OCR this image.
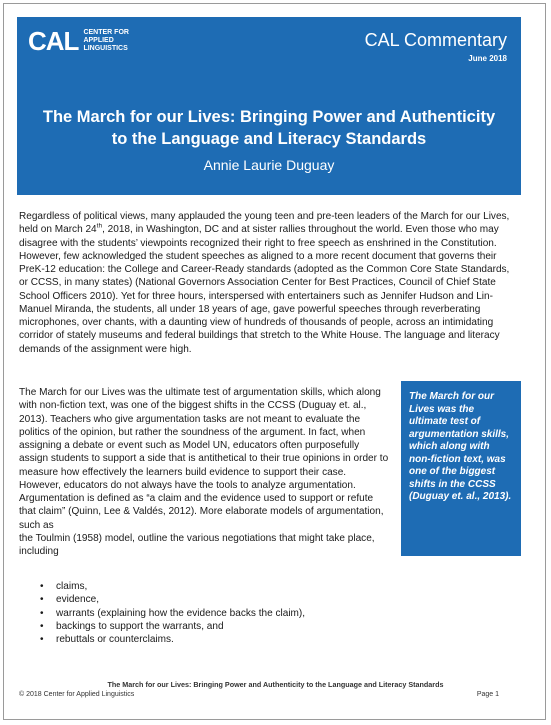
CAL CENTER FOR APPLIED LINGUISTICS	CAL Commentary
June 2018
The March for our Lives: Bringing Power and Authenticity to the Language and Literacy Standards
Annie Laurie Duguay

Regardless of political views, many applauded the young teen and pre-teen leaders of the March for our Lives, held on March 24th, 2018, in Washington, DC and at sister rallies throughout the world. Even those who may disagree with the students’ viewpoints recognized their right to free speech as enshrined in the Constitution. However, few acknowledged the student speeches as aligned to a more recent document that governs their PreK-12 education: the College and Career-Ready standards (adopted as the Common Core State Standards, or CCSS, in many states) (National Governors Association Center for Best Practices, Council of Chief State School Officers 2010). Yet for three hours, interspersed with entertainers such as Jennifer Hudson and Lin-Manuel Miranda, the students, all under 18 years of age, gave powerful speeches through reverberating microphones, over chants, with a daunting view of hundreds of thousands of people, across an intimidating corridor of stately museums and federal buildings that stretch to the White House. The language and literacy demands of the assignment were high.

The March for our Lives was the ultimate test of argumentation skills, which along with non-fiction text, was one of the biggest shifts in the CCSS (Duguay et. al., 2013). Teachers who give argumentation tasks are not meant to evaluate the politics of the opinion, but rather the soundness of the argument. In fact, when assigning a debate or event such as Model UN, educators often purposefully assign students to support a side that is antithetical to their true opinions in order to measure how effectively the learners build evidence to support their case. However, educators do not always have the tools to analyze argumentation. Argumentation is defined as “a claim and the evidence used to support or refute that claim” (Quinn, Lee & Valdés, 2012). More elaborate models of argumentation, such as
the Toulmin (1958) model, outline the various negotiations that might take place, including

The March for our Lives was the ultimate test of argumentation skills, which along with non-fiction text, was one of the biggest shifts in the CCSS (Duguay et. al., 2013).
• claims,
• evidence,
• warrants (explaining how the evidence backs the claim),
• backings to support the warrants, and
• rebuttals or counterclaims.
The March for our Lives: Bringing Power and Authenticity to the Language and Literacy Standards
© 2018 Center for Applied Linguistics	Page 1
